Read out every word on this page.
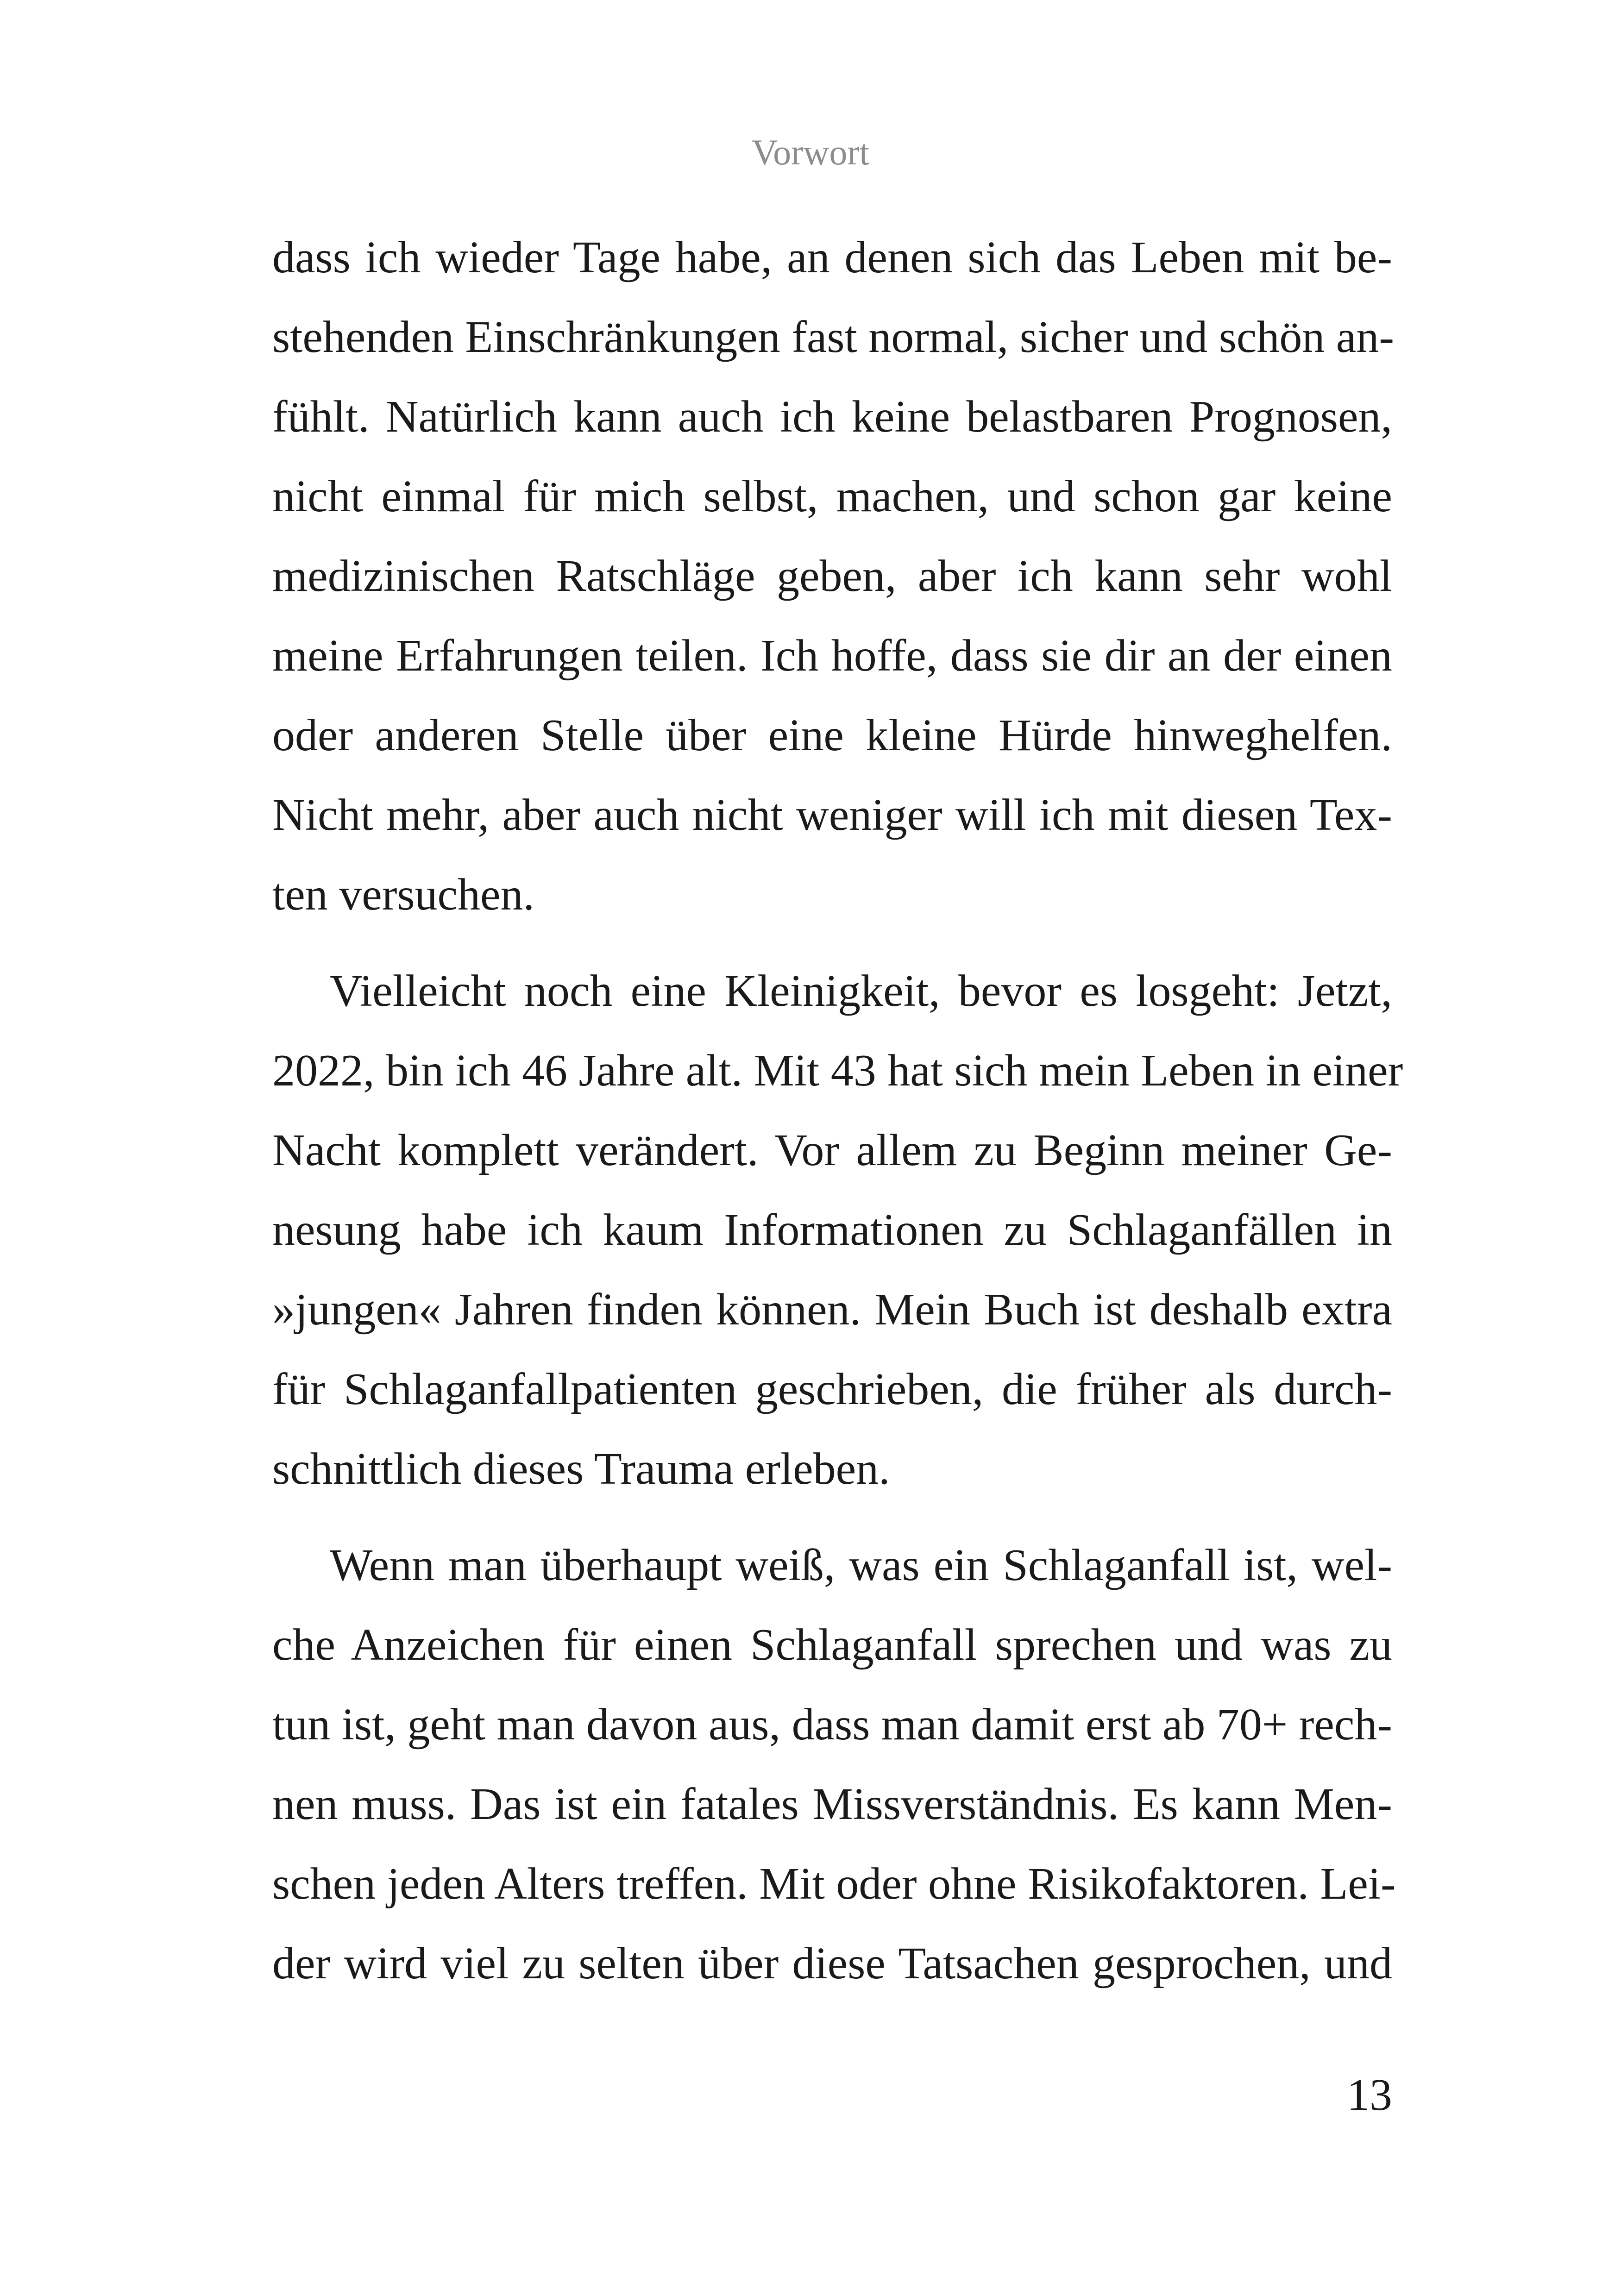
Vorwort

dass ich wieder Tage habe, an denen sich das Leben mit be-
stehenden Einschränkungen fast normal, sicher und schön an-
fühlt. Natürlich kann auch ich keine belastbaren Prognosen,
nicht einmal für mich selbst, machen, und schon gar keine
medizinischen Ratschläge geben, aber ich kann sehr wohl
meine Erfahrungen teilen. Ich hoffe, dass sie dir an der einen
oder anderen Stelle über eine kleine Hürde hinweghelfen.
Nicht mehr, aber auch nicht weniger will ich mit diesen Tex-
ten versuchen.

Vielleicht noch eine Kleinigkeit, bevor es losgeht: Jetzt,
2022, bin ich 46 Jahre alt. Mit 43 hat sich mein Leben in einer
Nacht komplett verändert. Vor allem zu Beginn meiner Ge-
nesung habe ich kaum Informationen zu Schlaganfällen in
»jungen« Jahren finden können. Mein Buch ist deshalb extra
für Schlaganfallpatienten geschrieben, die früher als durch-
schnittlich dieses Trauma erleben.

Wenn man überhaupt weiß, was ein Schlaganfall ist, wel-
che Anzeichen für einen Schlaganfall sprechen und was zu
tun ist, geht man davon aus, dass man damit erst ab 70+ rech-
nen muss. Das ist ein fatales Missverständnis. Es kann Men-
schen jeden Alters treffen. Mit oder ohne Risikofaktoren. Lei-
der wird viel zu selten über diese Tatsachen gesprochen, und

13
